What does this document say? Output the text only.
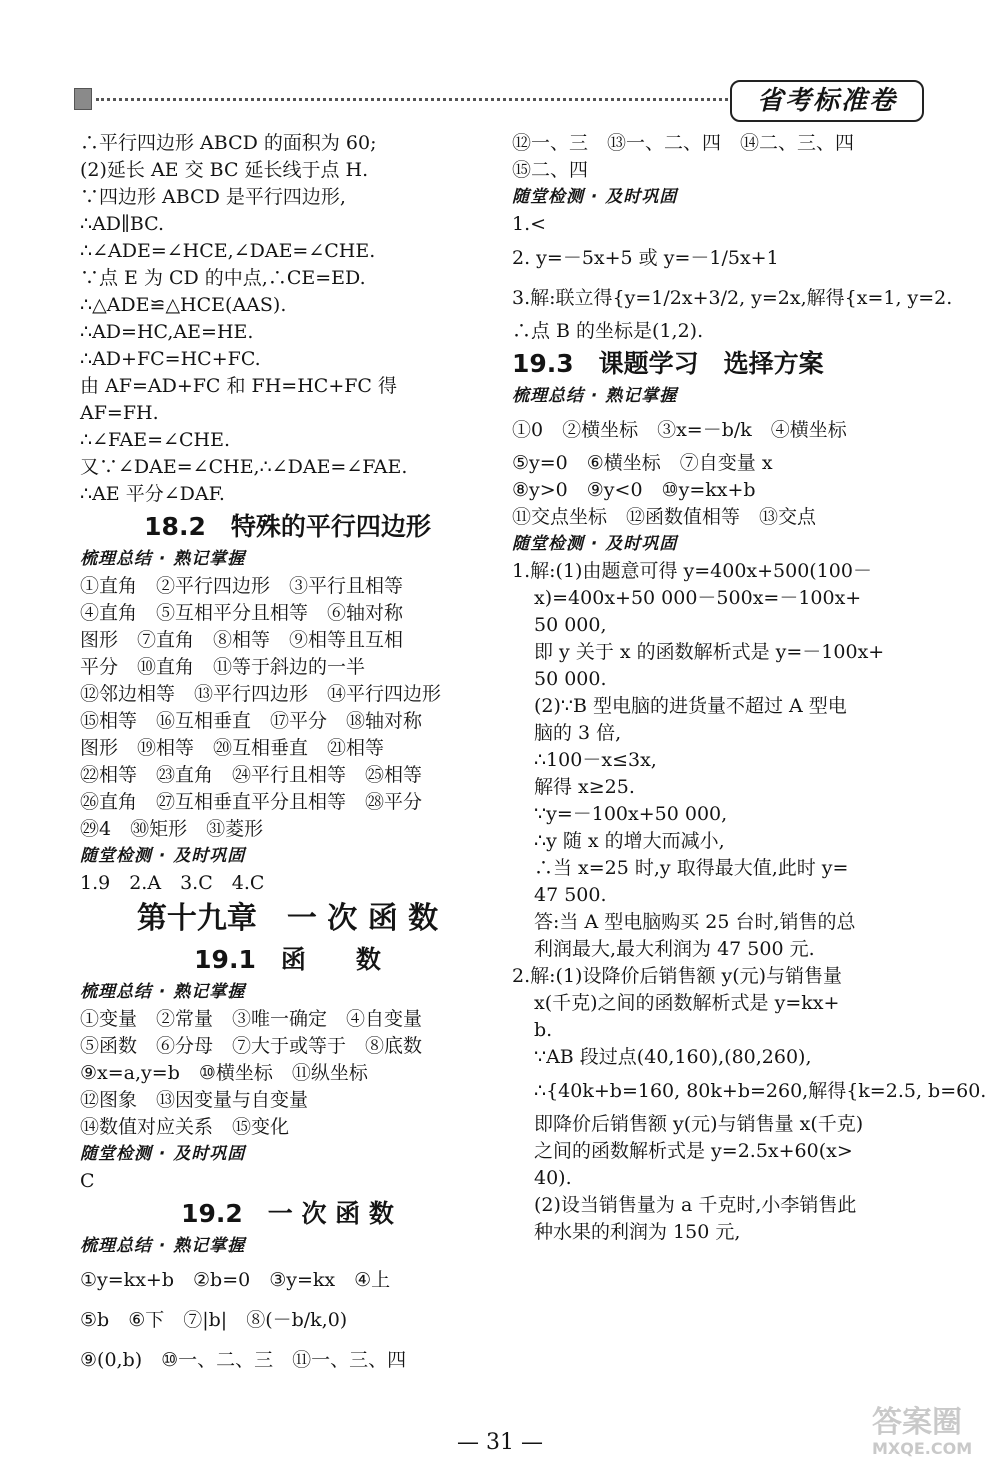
省考标准卷
∴平行四边形 ABCD 的面积为 60;
(2)延长 AE 交 BC 延长线于点 H.
∵四边形 ABCD 是平行四边形,
∴AD∥BC.
∴∠ADE=∠HCE,∠DAE=∠CHE.
∵点 E 为 CD 的中点,∴CE=ED.
∴△ADE≌△HCE(AAS).
∴AD=HC,AE=HE.
∴AD+FC=HC+FC.
由 AF=AD+FC 和 FH=HC+FC 得
AF=FH.
∴∠FAE=∠CHE.
又∵∠DAE=∠CHE,∴∠DAE=∠FAE.
∴AE 平分∠DAF.
18.2　特殊的平行四边形
梳理总结 · 熟记掌握
①直角　②平行四边形　③平行且相等
④直角　⑤互相平分且相等　⑥轴对称
图形　⑦直角　⑧相等　⑨相等且互相
平分　⑩直角　⑪等于斜边的一半
⑫邻边相等　⑬平行四边形　⑭平行四边形
⑮相等　⑯互相垂直　⑰平分　⑱轴对称
图形　⑲相等　⑳互相垂直　㉑相等
㉒相等　㉓直角　㉔平行且相等　㉕相等
㉖直角　㉗互相垂直平分且相等　㉘平分
㉙4　㉚矩形　㉛菱形
随堂检测 · 及时巩固
1.9　2.A　3.C　4.C
第十九章　一 次 函 数
19.1　函　　数
梳理总结 · 熟记掌握
①变量　②常量　③唯一确定　④自变量
⑤函数　⑥分母　⑦大于或等于　⑧底数
⑨x=a,y=b　⑩横坐标　⑪纵坐标
⑫图象　⑬因变量与自变量
⑭数值对应关系　⑮变化
随堂检测 · 及时巩固
C
19.2　一 次 函 数
梳理总结 · 熟记掌握
①y=kx+b　②b=0　③y=kx　④上
⑤b　⑥下　⑦|b|　⑧(－b/k,0)
⑨(0,b)　⑩一、二、三　⑪一、三、四
⑫一、三　⑬一、二、四　⑭二、三、四
⑮二、四
随堂检测 · 及时巩固
1.<
2. y=－5x+5 或 y=－1/5x+1
3.解:联立得{y=1/2x+3/2, y=2x,解得{x=1, y=2.
∴点 B 的坐标是(1,2).
19.3　课题学习　选择方案
梳理总结 · 熟记掌握
①0　②横坐标　③x=－b/k　④横坐标
⑤y=0　⑥横坐标　⑦自变量 x
⑧y>0　⑨y<0　⑩y=kx+b
⑪交点坐标　⑫函数值相等　⑬交点
随堂检测 · 及时巩固
1.解:(1)由题意可得 y=400x+500(100－
x)=400x+50 000－500x=－100x+
50 000,
即 y 关于 x 的函数解析式是 y=－100x+
50 000.
(2)∵B 型电脑的进货量不超过 A 型电
脑的 3 倍,
∴100－x≤3x,
解得 x≥25.
∵y=－100x+50 000,
∴y 随 x 的增大而减小,
∴当 x=25 时,y 取得最大值,此时 y=
47 500.
答:当 A 型电脑购买 25 台时,销售的总
利润最大,最大利润为 47 500 元.
2.解:(1)设降价后销售额 y(元)与销售量
x(千克)之间的函数解析式是 y=kx+
b.
∵AB 段过点(40,160),(80,260),
∴{40k+b=160, 80k+b=260,解得{k=2.5, b=60.
即降价后销售额 y(元)与销售量 x(千克)
之间的函数解析式是 y=2.5x+60(x>
40).
(2)设当销售量为 a 千克时,小李销售此
种水果的利润为 150 元,
— 31 —
答案圈
MXQE.COM
